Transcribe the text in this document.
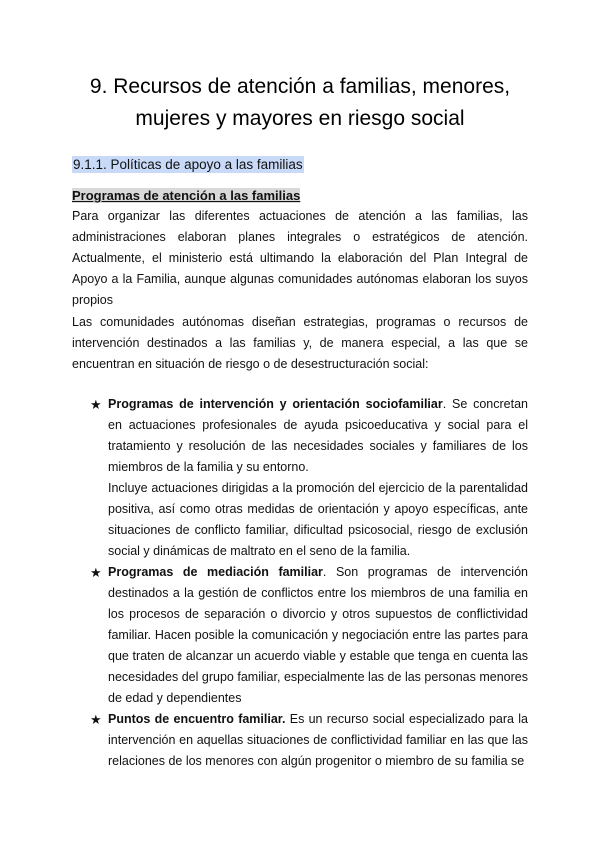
9. Recursos de atención a familias, menores, mujeres y mayores en riesgo social
9.1.1. Políticas de apoyo a las familias
Programas de atención a las familias

Para organizar las diferentes actuaciones de atención a las familias, las administraciones elaboran planes integrales o estratégicos de atención. Actualmente, el ministerio está ultimando la elaboración del Plan Integral de Apoyo a la Familia, aunque algunas comunidades autónomas elaboran los suyos propios

Las comunidades autónomas diseñan estrategias, programas o recursos de intervención destinados a las familias y, de manera especial, a las que se encuentran en situación de riesgo o de desestructuración social:

★ Programas de intervención y orientación sociofamiliar. Se concretan en actuaciones profesionales de ayuda psicoeducativa y social para el tratamiento y resolución de las necesidades sociales y familiares de los miembros de la familia y su entorno.
Incluye actuaciones dirigidas a la promoción del ejercicio de la parentalidad positiva, así como otras medidas de orientación y apoyo específicas, ante situaciones de conflicto familiar, dificultad psicosocial, riesgo de exclusión social y dinámicas de maltrato en el seno de la familia.
★ Programas de mediación familiar. Son programas de intervención destinados a la gestión de conflictos entre los miembros de una familia en los procesos de separación o divorcio y otros supuestos de conflictividad familiar. Hacen posible la comunicación y negociación entre las partes para que traten de alcanzar un acuerdo viable y estable que tenga en cuenta las necesidades del grupo familiar, especialmente las de las personas menores de edad y dependientes
★ Puntos de encuentro familiar. Es un recurso social especializado para la intervención en aquellas situaciones de conflictividad familiar en las que las relaciones de los menores con algún progenitor o miembro de su familia se
